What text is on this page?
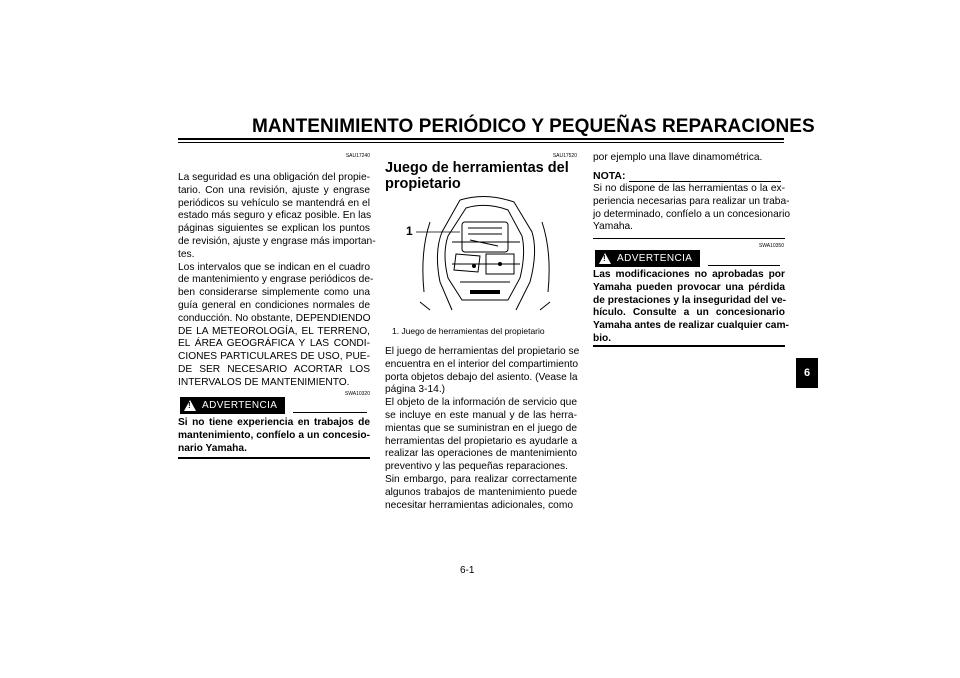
MANTENIMIENTO PERIÓDICO Y PEQUEÑAS REPARACIONES
SAU17240
La seguridad es una obligación del propie-
tario. Con una revisión, ajuste y engrase
periódicos su vehículo se mantendrá en el
estado más seguro y eficaz posible. En las
páginas siguientes se explican los puntos
de revisión, ajuste y engrase más importan-
tes.
Los intervalos que se indican en el cuadro
de mantenimiento y engrase periódicos de-
ben considerarse simplemente como una
guía general en condiciones normales de
conducción. No obstante, DEPENDIENDO
DE LA METEOROLOGÍA, EL TERRENO,
EL ÁREA GEOGRÁFICA Y LAS CONDI-
CIONES PARTICULARES DE USO, PUE-
DE SER NECESARIO ACORTAR LOS
INTERVALOS DE MANTENIMIENTO.
SWA10320
! ADVERTENCIA
Si no tiene experiencia en trabajos de
mantenimiento, confíelo a un concesio-
nario Yamaha.
SAU17520
Juego de herramientas del
propietario
1
1. Juego de herramientas del propietario
El juego de herramientas del propietario se
encuentra en el interior del compartimiento
porta objetos debajo del asiento. (Vease la
página 3-14.)
El objeto de la información de servicio que
se incluye en este manual y de las herra-
mientas que se suministran en el juego de
herramientas del propietario es ayudarle a
realizar las operaciones de mantenimiento
preventivo y las pequeñas reparaciones.
Sin embargo, para realizar correctamente
algunos trabajos de mantenimiento puede
necesitar herramientas adicionales, como
por ejemplo una llave dinamométrica.
NOTA:
Si no dispone de las herramientas o la ex-
periencia necesarias para realizar un traba-
jo determinado, confíelo a un concesionario
Yamaha.
SWA10350
! ADVERTENCIA
Las modificaciones no aprobadas por
Yamaha pueden provocar una pérdida
de prestaciones y la inseguridad del ve-
hículo. Consulte a un concesionario
Yamaha antes de realizar cualquier cam-
bio.
6
6-1
